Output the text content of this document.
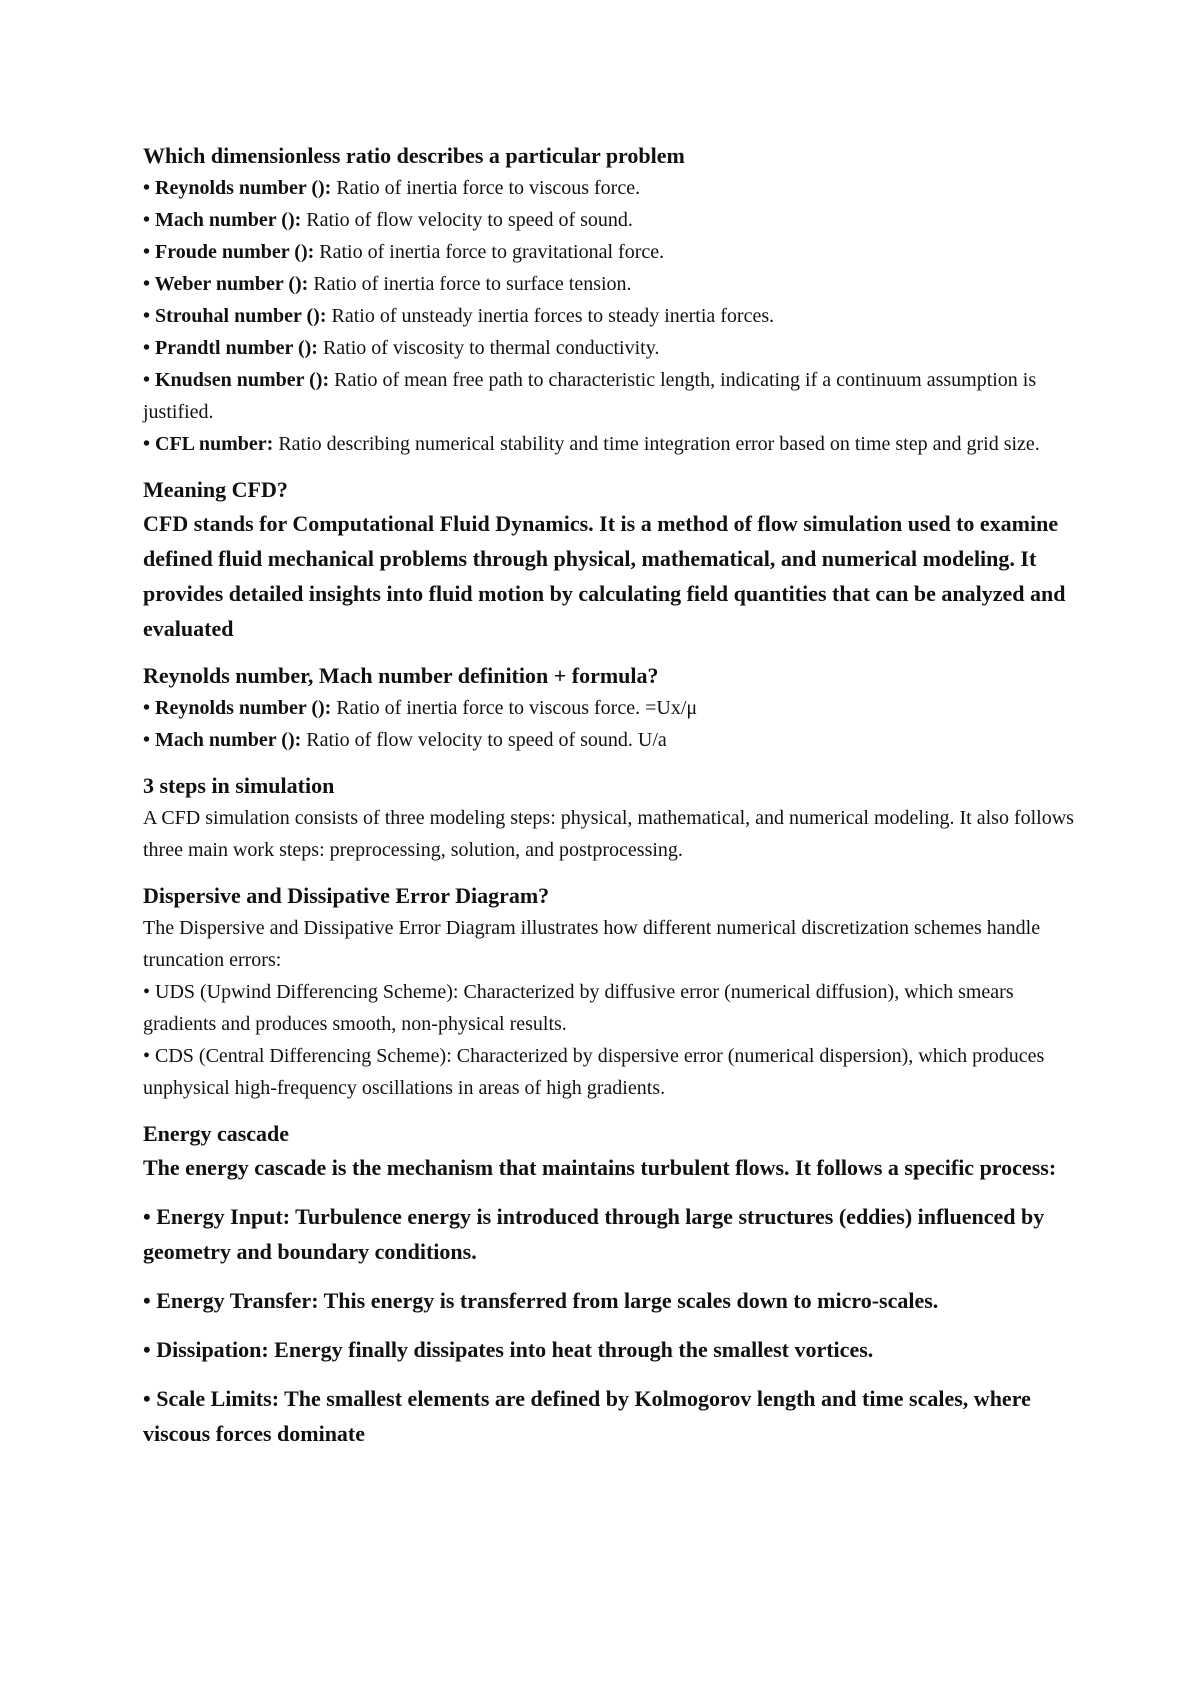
Which dimensionless ratio describes a particular problem

• Reynolds number (): Ratio of inertia force to viscous force.

• Mach number (): Ratio of flow velocity to speed of sound.

• Froude number (): Ratio of inertia force to gravitational force.

• Weber number (): Ratio of inertia force to surface tension.

• Strouhal number (): Ratio of unsteady inertia forces to steady inertia forces.

• Prandtl number (): Ratio of viscosity to thermal conductivity.

• Knudsen number (): Ratio of mean free path to characteristic length, indicating if a continuum assumption is justified.

• CFL number: Ratio describing numerical stability and time integration error based on time step and grid size.

Meaning CFD?

CFD stands for Computational Fluid Dynamics. It is a method of flow simulation used to examine defined fluid mechanical problems through physical, mathematical, and numerical modeling. It provides detailed insights into fluid motion by calculating field quantities that can be analyzed and evaluated

Reynolds number, Mach number definition + formula?

• Reynolds number (): Ratio of inertia force to viscous force. =Ux/μ

• Mach number (): Ratio of flow velocity to speed of sound. U/a

3 steps in simulation

A CFD simulation consists of three modeling steps: physical, mathematical, and numerical modeling. It also follows three main work steps: preprocessing, solution, and postprocessing.

Dispersive and Dissipative Error Diagram?

The Dispersive and Dissipative Error Diagram illustrates how different numerical discretization schemes handle truncation errors:

• UDS (Upwind Differencing Scheme): Characterized by diffusive error (numerical diffusion), which smears gradients and produces smooth, non-physical results.

• CDS (Central Differencing Scheme): Characterized by dispersive error (numerical dispersion), which produces unphysical high-frequency oscillations in areas of high gradients.

Energy cascade

The energy cascade is the mechanism that maintains turbulent flows. It follows a specific process:

• Energy Input: Turbulence energy is introduced through large structures (eddies) influenced by geometry and boundary conditions.

• Energy Transfer: This energy is transferred from large scales down to micro-scales.

• Dissipation: Energy finally dissipates into heat through the smallest vortices.

• Scale Limits: The smallest elements are defined by Kolmogorov length and time scales, where viscous forces dominate
